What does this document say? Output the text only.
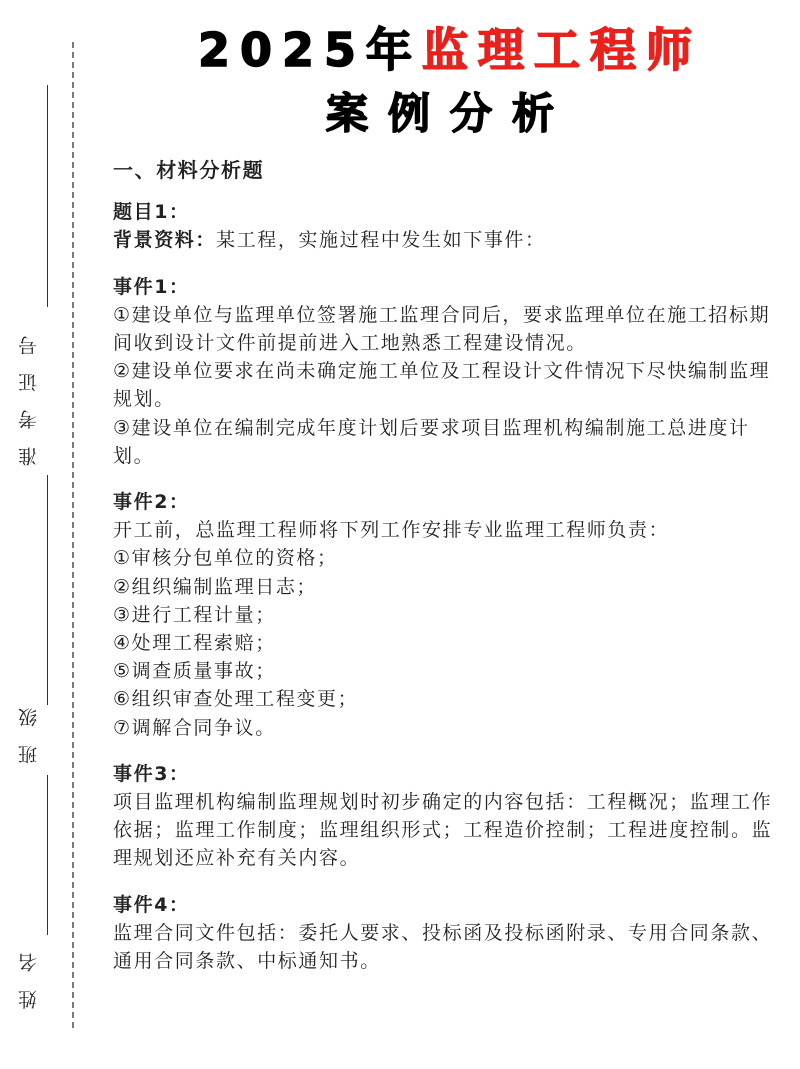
准考证号
班级
姓名
2025年监理工程师
案例分析
一、材料分析题
题目1：
背景资料：某工程，实施过程中发生如下事件：
事件1：
①建设单位与监理单位签署施工监理合同后，要求监理单位在施工招标期间收到设计文件前提前进入工地熟悉工程建设情况。
②建设单位要求在尚未确定施工单位及工程设计文件情况下尽快编制监理规划。
③建设单位在编制完成年度计划后要求项目监理机构编制施工总进度计划。
事件2：
开工前，总监理工程师将下列工作安排专业监理工程师负责：
①审核分包单位的资格；
②组织编制监理日志；
③进行工程计量；
④处理工程索赔；
⑤调查质量事故；
⑥组织审查处理工程变更；
⑦调解合同争议。
事件3：
项目监理机构编制监理规划时初步确定的内容包括：工程概况；监理工作依据；监理工作制度；监理组织形式；工程造价控制；工程进度控制。监理规划还应补充有关内容。
事件4：
监理合同文件包括：委托人要求、投标函及投标函附录、专用合同条款、通用合同条款、中标通知书。
